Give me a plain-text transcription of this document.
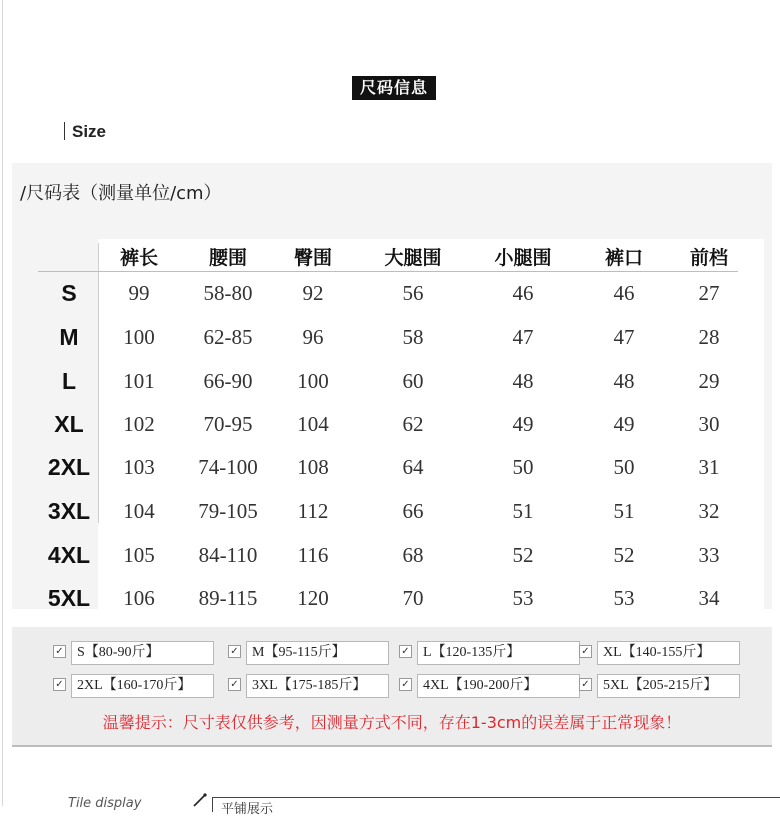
尺码信息
Size
/尺码表（测量单位/cm）
裤长	腰围 臀围	大腿围	小腿围	裤口 前档
S 99	58-80 92	56	46	46	27
M 100 62-85 96	58	47	47	28
L 101 66-90 100	60	48	48	29
XL 102 70-95 104	62	49	49	30
2XL 103 74-100 108	64	50	50	31
3XL 104 79-105 112	66	51	51	32
4XL 105 84-110 116	68	52	52	33
5XL 106 89-115 120	70	53	53	34
温馨提示：尺寸表仅供参考，因测量方式不同，存在1-3cm的误差属于正常现象！
✓ S【80-90斤】	✓ M【95-115斤】	✓ L【120-135斤】	✓ XL【140-155斤】
✓ 2XL【160-170斤】	✓ 3XL【175-185斤】	✓ 4XL【190-200斤】	✓ 5XL【205-215斤】
Tile display	平铺展示
